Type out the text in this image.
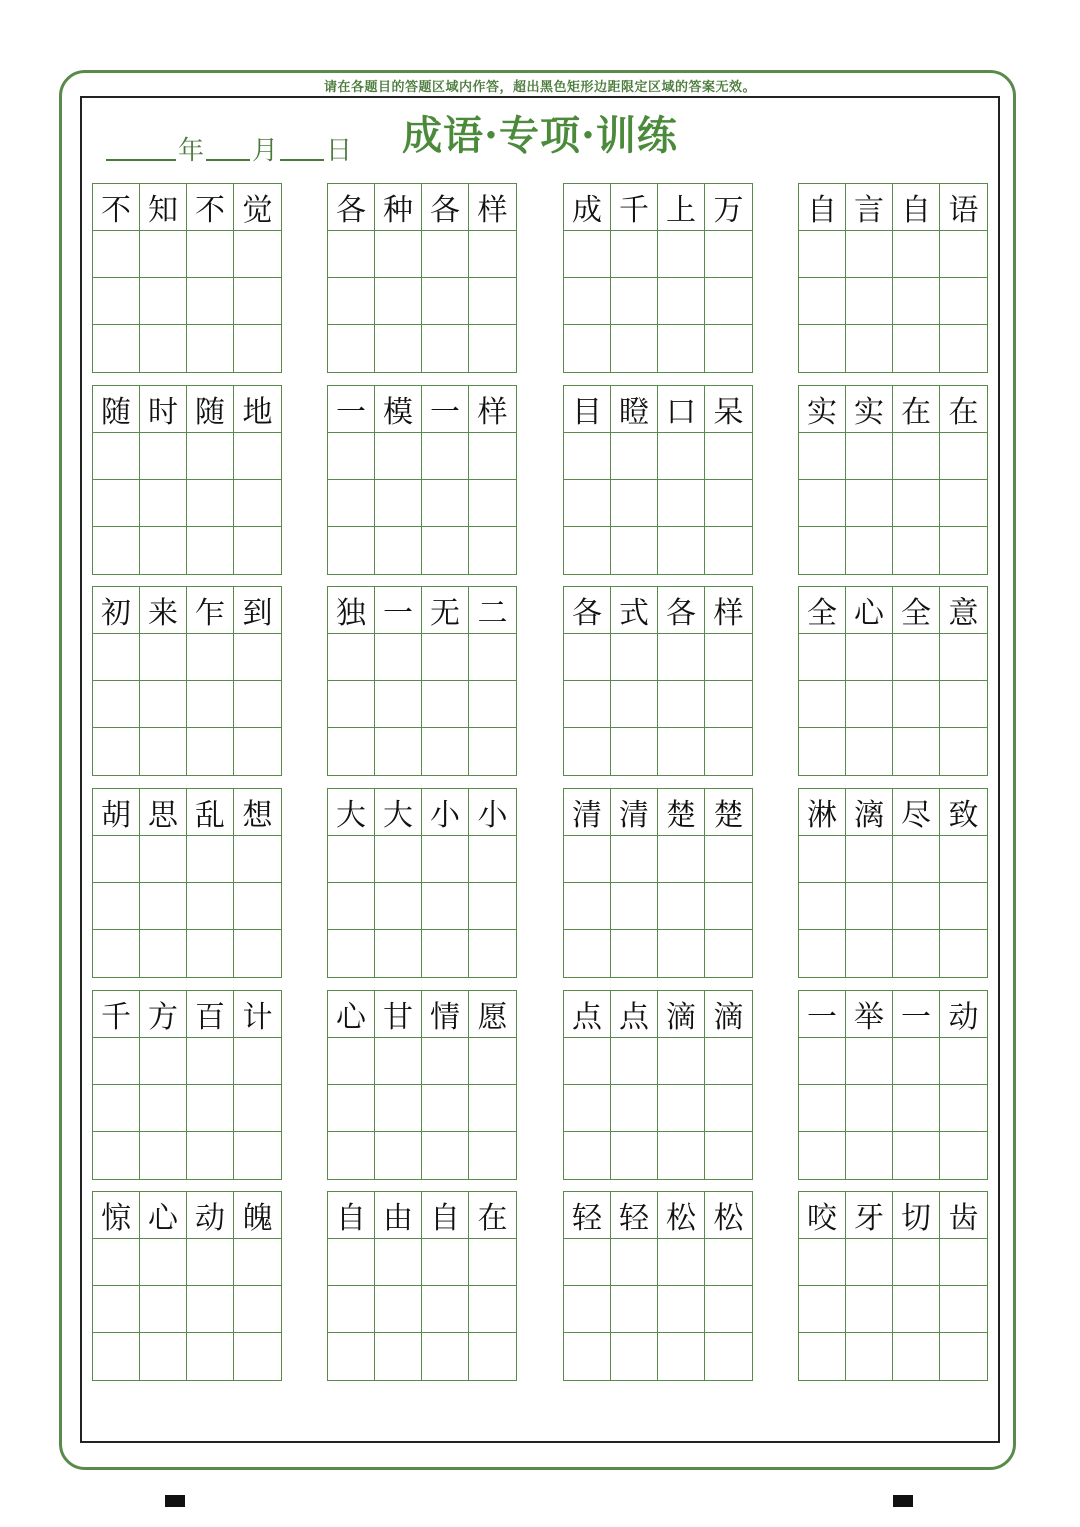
请在各题目的答题区域内作答，超出黑色矩形边距限定区域的答案无效。
年 月 日	成语·专项·训练
不 知 不 觉 各 种 各 样 成 千 上 万 自 言 自 语
随 时 随 地 一 模 一 样 目 瞪 口 呆 实 实 在 在
初 来 乍 到 独 一 无 二 各 式 各 样 全 心 全 意
胡 思 乱 想 大 大 小 小 清 清 楚 楚 淋 漓 尽 致
千 方 百 计 心 甘 情 愿 点 点 滴 滴 一 举 一 动
惊 心 动 魄 自 由 自 在 轻 轻 松 松 咬 牙 切 齿
